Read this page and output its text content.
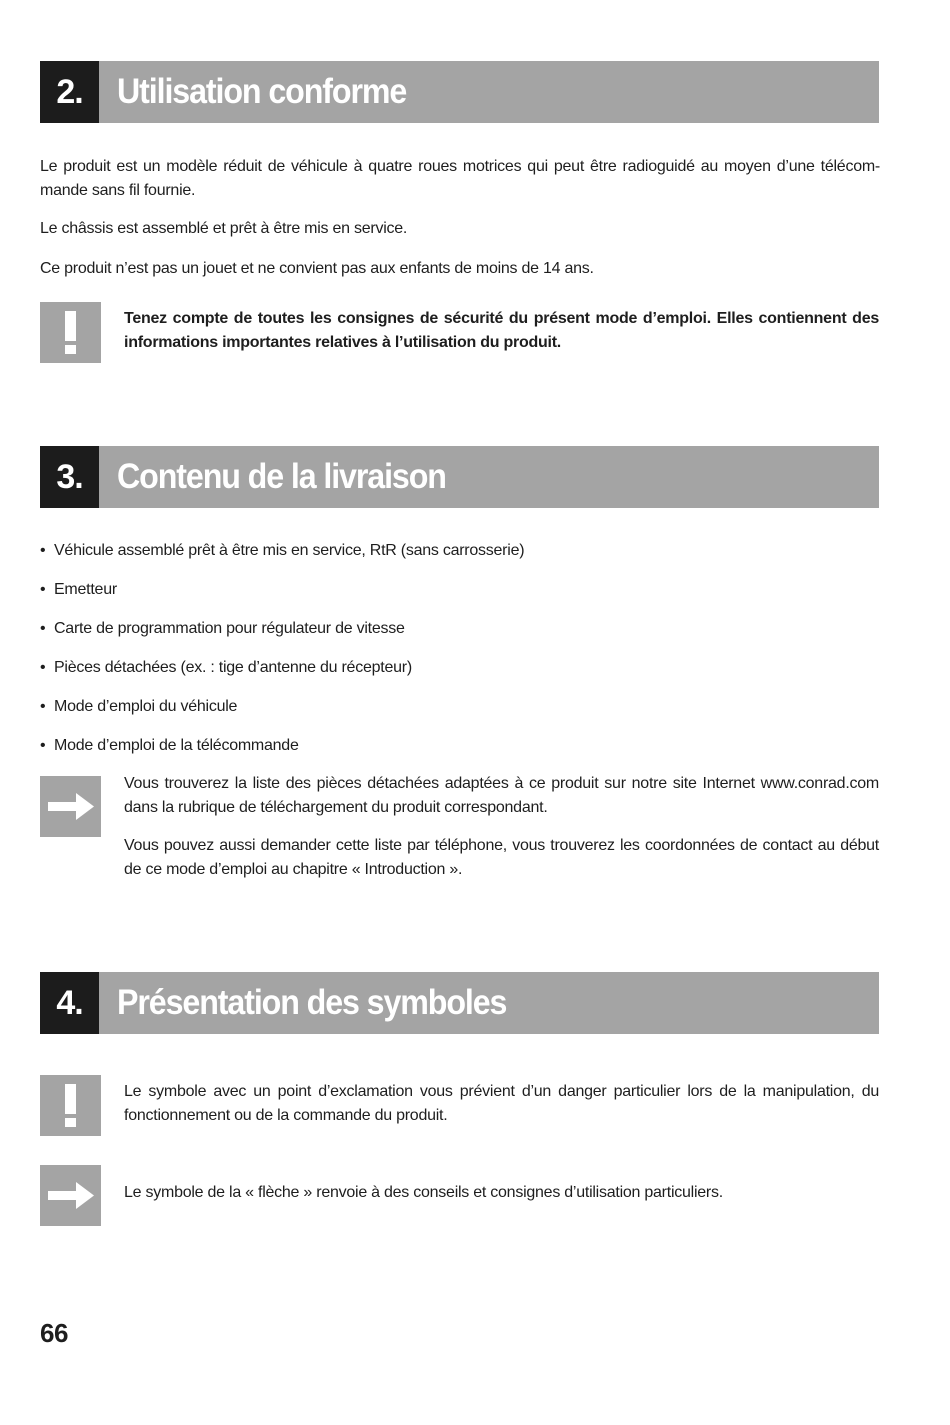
2. Utilisation conforme

Le produit est un modèle réduit de véhicule à quatre roues motrices qui peut être radioguidé au moyen d’une télécom-mande sans fil fournie.

Le châssis est assemblé et prêt à être mis en service.

Ce produit n’est pas un jouet et ne convient pas aux enfants de moins de 14 ans.

Tenez compte de toutes les consignes de sécurité du présent mode d’emploi. Elles contiennent des informations importantes relatives à l’utilisation du produit.

3. Contenu de la livraison
• Véhicule assemblé prêt à être mis en service, RtR (sans carrosserie)
• Emetteur
• Carte de programmation pour régulateur de vitesse
• Pièces détachées (ex. : tige d’antenne du récepteur)
• Mode d’emploi du véhicule
• Mode d’emploi de la télécommande

Vous trouverez la liste des pièces détachées adaptées à ce produit sur notre site Internet www.conrad.com dans la rubrique de téléchargement du produit correspondant.

Vous pouvez aussi demander cette liste par téléphone, vous trouverez les coordonnées de contact au début de ce mode d’emploi au chapitre « Introduction ».

4. Présentation des symboles

Le symbole avec un point d’exclamation vous prévient d’un danger particulier lors de la manipulation, du fonctionnement ou de la commande du produit.

Le symbole de la « flèche » renvoie à des conseils et consignes d’utilisation particuliers.

66
